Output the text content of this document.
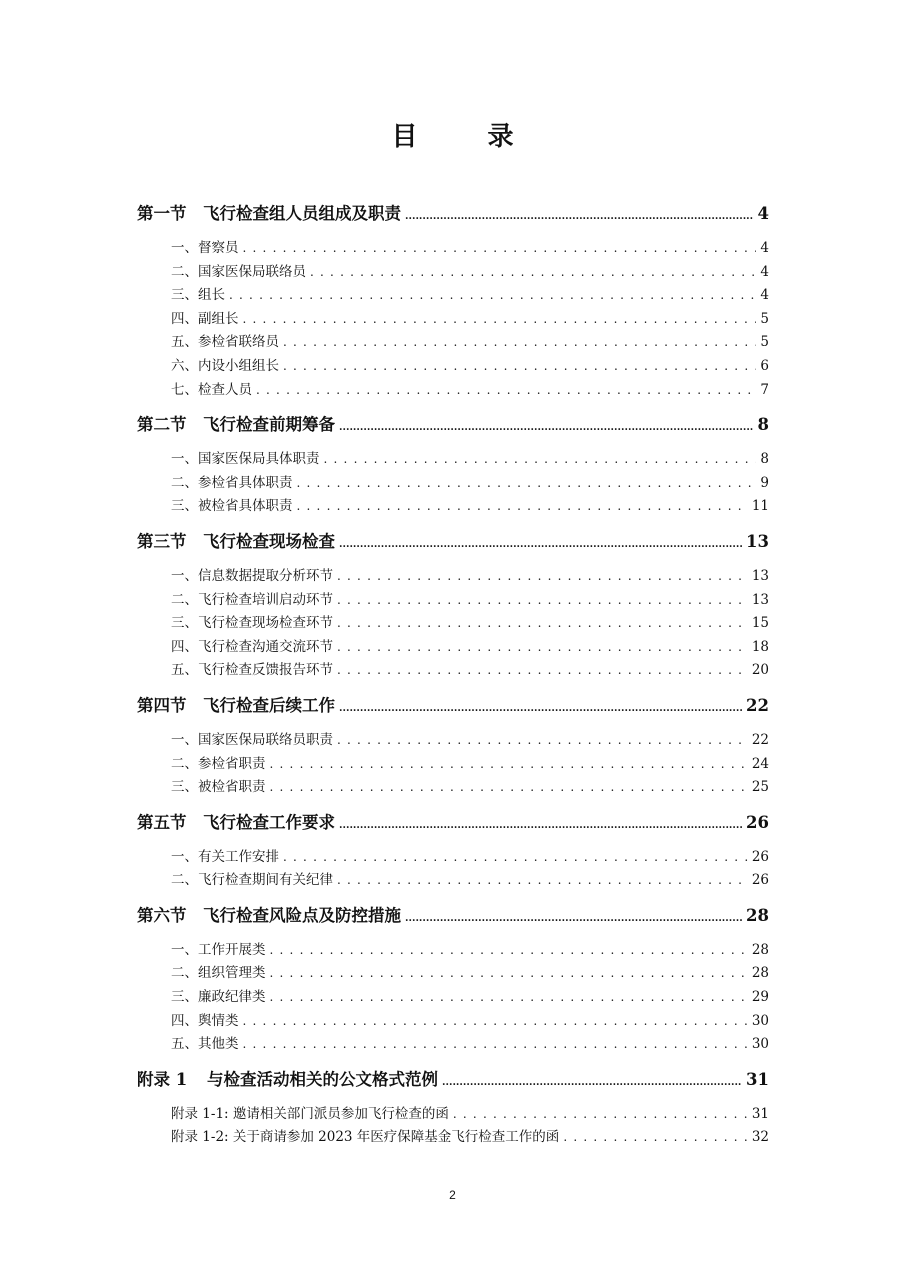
目　录
第一节 飞行检查组人员组成及职责 .....	4
一、督察员 . . .	4
二、国家医保局联络员 . . .	4
三、组长 . . .	4
四、副组长 . . .	5
五、参检省联络员 . . .	5
六、内设小组组长 . . .	6
七、检查人员 . . .	7
第二节 飞行检查前期筹备 .....	8
一、国家医保局具体职责 . . .	8
二、参检省具体职责 . . .	9
三、被检省具体职责 . . .	11
第三节 飞行检查现场检查 .....	13
一、信息数据提取分析环节 . . .	13
二、飞行检查培训启动环节 . . .	13
三、飞行检查现场检查环节 . . .	15
四、飞行检查沟通交流环节 . . .	18
五、飞行检查反馈报告环节 . . .	20
第四节 飞行检查后续工作 .....	22
一、国家医保局联络员职责 . . .	22
二、参检省职责 . . .	24
三、被检省职责 . . .	25
第五节 飞行检查工作要求 .....	26
一、有关工作安排 . . .	26
二、飞行检查期间有关纪律 . . .	26
第六节 飞行检查风险点及防控措施 .....	28
一、工作开展类 . . .	28
二、组织管理类 . . .	28
三、廉政纪律类 . . .	29
四、舆情类 . . .	30
五、其他类 . . .	30
附录 1 与检查活动相关的公文格式范例 .....	31
附录 1-1: 邀请相关部门派员参加飞行检查的函 . . .	31
附录 1-2: 关于商请参加 2023 年医疗保障基金飞行检查工作的函 . . .	32
2
